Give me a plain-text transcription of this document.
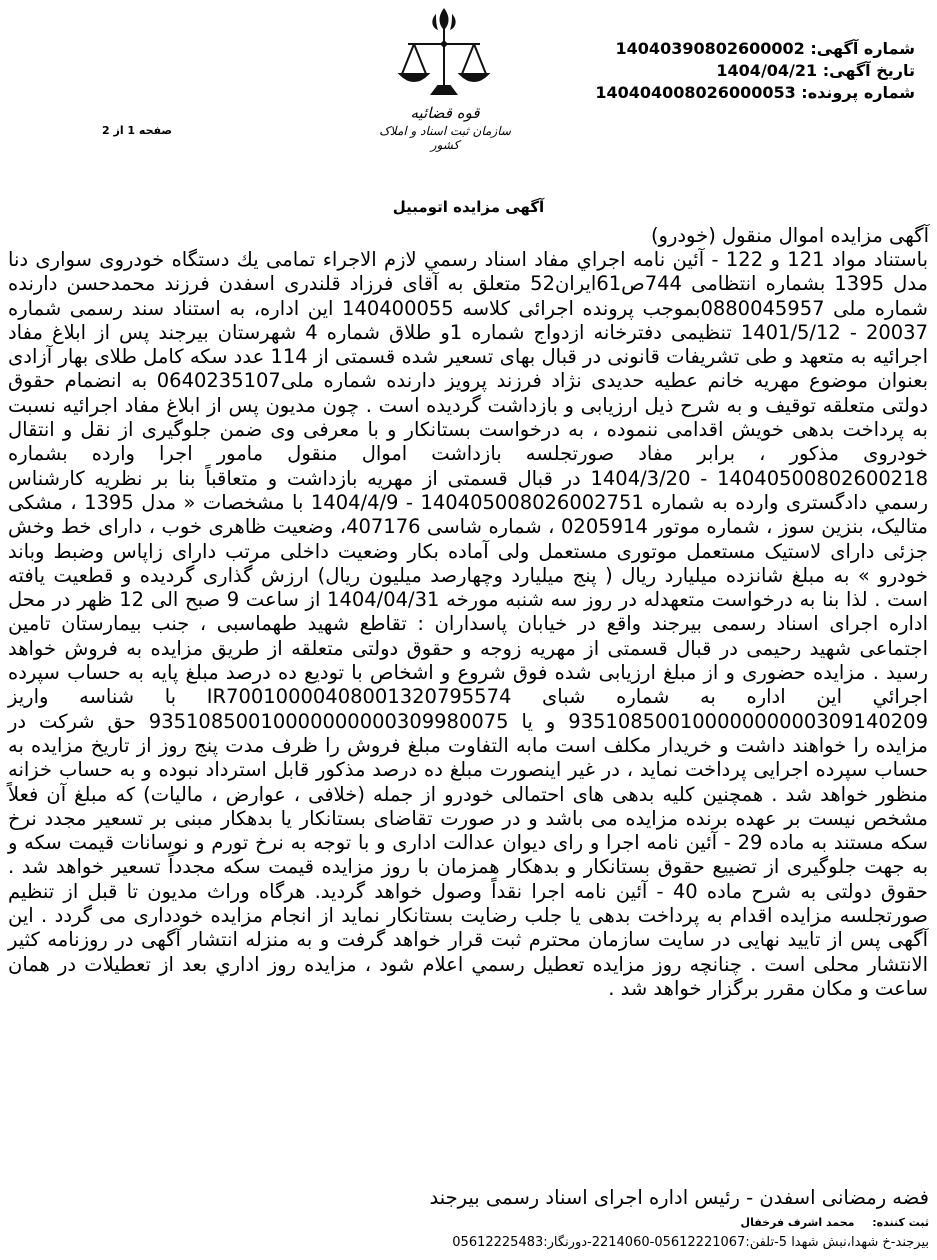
شماره آگهی: 14040390802600002
تاریخ آگهی: 1404/04/21
شماره پرونده: 140404008026000053
صفحه 1 از 2
قوه قضائیه
سازمان ثبت اسناد و املاک کشور
آگهی مزایده اتومبیل
آگهی مزایده اموال منقول (خودرو)
باستناد مواد 121 و 122 - آئین نامه اجراي مفاد اسناد رسمي لازم الاجراء تمامی يك دستگاه خودروی سواری دنا مدل 1395 بشماره انتظامی 744ص61ایران52 متعلق به آقای فرزاد قلندری اسفدن فرزند محمدحسن دارنده شماره ملی 0880045957بموجب پرونده اجرائی کلاسه 140400055 این اداره، به استناد سند رسمی شماره 20037 - 1401/5/12 تنظیمی دفترخانه ازدواج شماره 1و طلاق شماره 4 شهرستان بیرجند پس از ابلاغ مفاد اجرائیه به متعهد و طی تشریفات قانونی در قبال بهای تسعیر شده قسمتی از 114 عدد سکه کامل طلای بهار آزادی بعنوان موضوع مهریه خانم عطیه حدیدی نژاد فرزند پرویز دارنده شماره ملی0640235107 به انضمام حقوق دولتی متعلقه توقیف و به شرح ذیل ارزیابی و بازداشت گردیده است . چون مدیون پس از ابلاغ مفاد اجرائیه نسبت به پرداخت بدهی خویش اقدامی ننموده ، به درخواست بستانکار و با معرفی وی ضمن جلوگیری از نقل و انتقال خودروی مذکور ، برابر مفاد صورتجلسه بازداشت اموال منقول مامور اجرا وارده بشماره 14040500802600218 - 1404/3/20 در قبال قسمتی از مهریه بازداشت و متعاقباً بنا بر نظریه کارشناس رسمي دادگستری وارده به شماره 140405008026002751 - 1404/4/9 با مشخصات « مدل 1395 ، مشکی متالیک، بنزین سوز ، شماره موتور 0205914 ، شماره شاسی 407176، وضعیت ظاهری خوب ، دارای خط وخش جزئی دارای لاستیک مستعمل موتوری مستعمل ولی آماده بکار وضعیت داخلی مرتب دارای زاپاس وضبط وباند خودرو » به مبلغ شانزده میلیارد ریال ( پنج میلیارد وچهارصد میلیون ریال) ارزش گذاری گردیده و قطعیت یافته است . لذا بنا به درخواست متعهدله در روز سه شنبه مورخه 1404/04/31 از ساعت 9 صبح الی 12 ظهر در محل اداره اجرای اسناد رسمی بیرجند واقع در خیابان پاسداران : تقاطع شهید طهماسبی ، جنب بیمارستان تامین اجتماعی شهید رحیمی در قبال قسمتی از مهریه زوجه و حقوق دولتی متعلقه از طریق مزایده به فروش خواهد رسید . مزایده حضوری و از مبلغ ارزیابی شده فوق شروع و اشخاص با تودیع ده درصد مبلغ پایه به حساب سپرده اجرائي این اداره به شماره شبای IR70010000408001320795574 با شناسه واریز 93510850010000000000309140209 و یا 93510850010000000000309980075 حق شرکت در مزایده را خواهند داشت و خریدار مکلف است مابه التفاوت مبلغ فروش را ظرف مدت پنج روز از تاریخ مزایده به حساب سپرده اجرایی پرداخت نماید ، در غیر اینصورت مبلغ ده درصد مذکور قابل استرداد نبوده و به حساب خزانه منظور خواهد شد . همچنین کلیه بدهی های احتمالی خودرو از جمله (خلافی ، عوارض ، مالیات) که مبلغ آن فعلاً مشخص نیست بر عهده برنده مزایده می باشد و در صورت تقاضای بستانکار یا بدهکار مبنی بر تسعیر مجدد نرخ سکه مستند به ماده 29 - آئین نامه اجرا و رای دیوان عدالت اداری و با توجه به نرخ تورم و نوسانات قیمت سکه و به جهت جلوگیری از تضییع حقوق بستانکار و بدهکار همزمان با روز مزایده قیمت سکه مجدداً تسعیر خواهد شد . حقوق دولتی به شرح ماده 40 - آئین نامه اجرا نقداً وصول خواهد گردید. هرگاه وراث مدیون تا قبل از تنظیم صورتجلسه مزایده اقدام به پرداخت بدهی یا جلب رضایت بستانکار نماید از انجام مزایده خودداری می گردد . این آگهی پس از تایید نهایی در سایت سازمان محترم ثبت قرار خواهد گرفت و به منزله انتشار آگهی در روزنامه کثیر الانتشار محلی است . چنانچه روز مزایده تعطیل رسمي اعلام شود ، مزایده روز اداري بعد از تعطیلات در همان ساعت و مکان مقرر برگزار خواهد شد .
فضه رمضانی اسفدن - رئیس اداره اجرای اسناد رسمی بیرجند
ثبت کننده: محمد اشرف فرخفال
بیرجند-خ شهدا،نبش شهدا 5-تلفن:05612221067-2214060-دورنگار:05612225483
